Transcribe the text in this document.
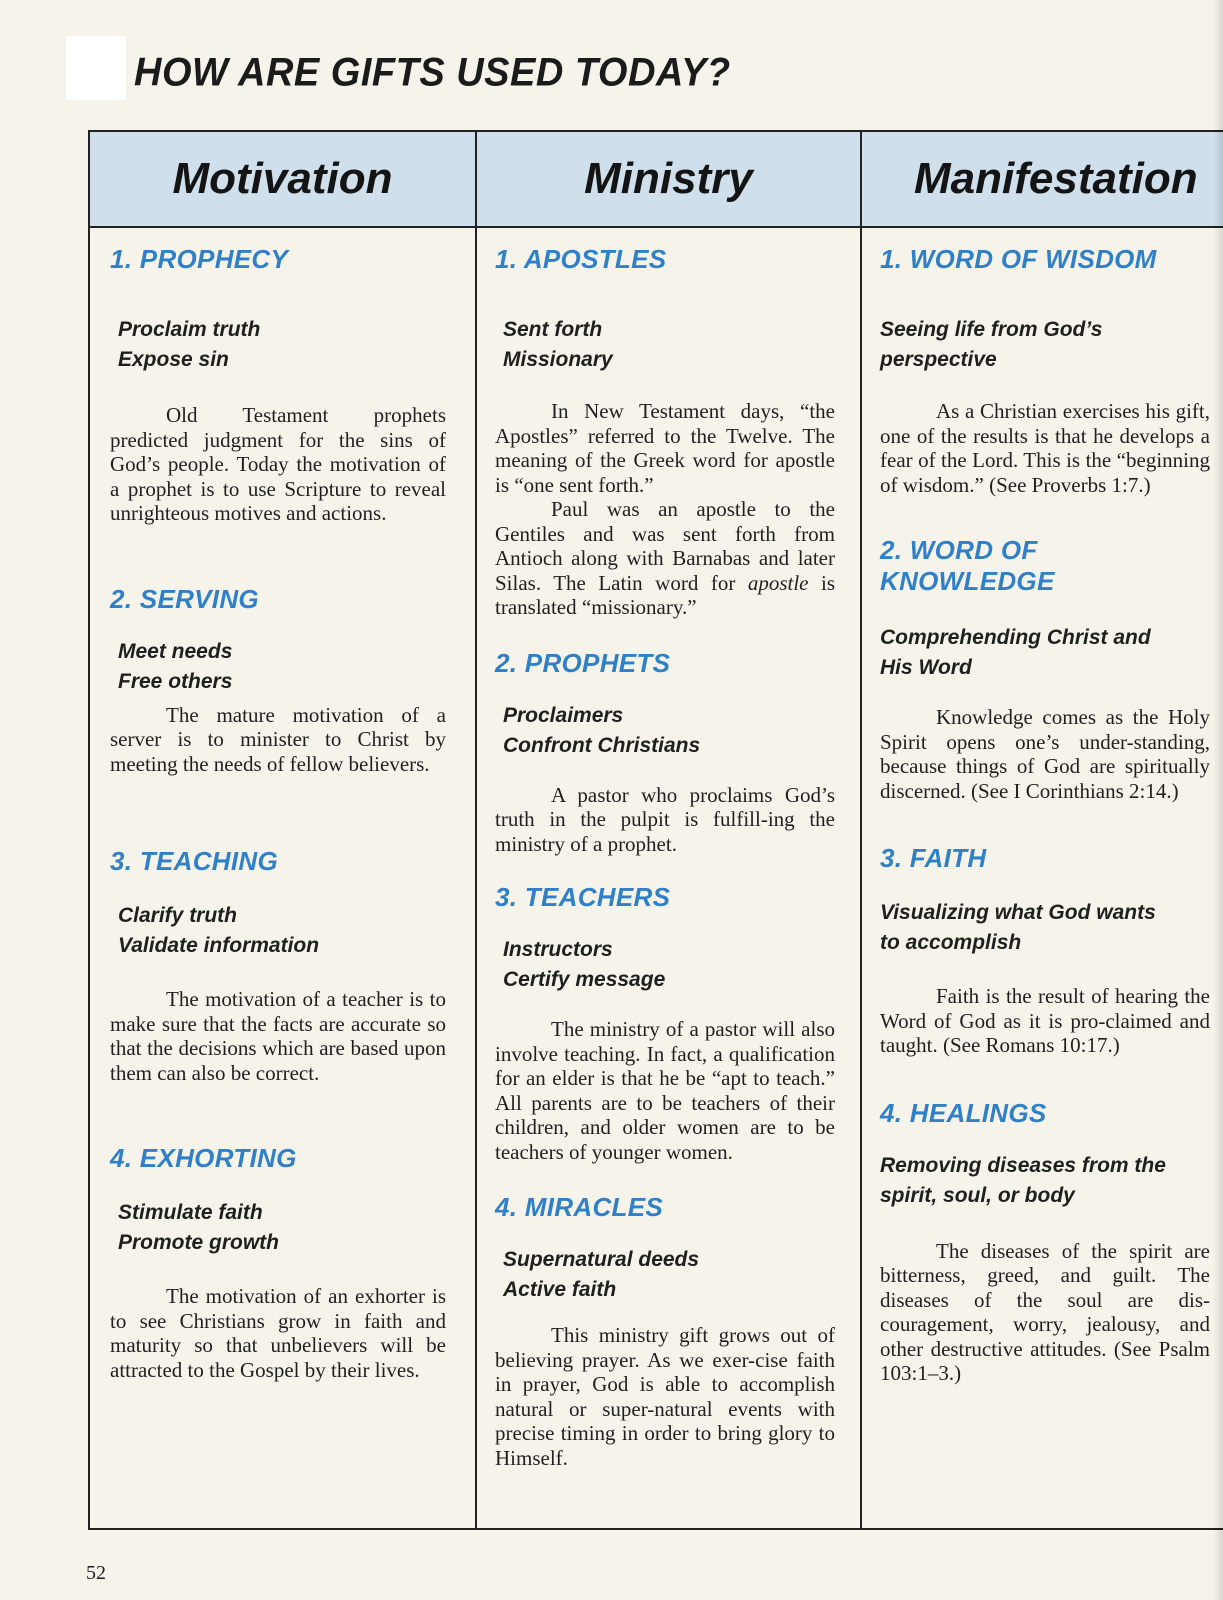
HOW ARE GIFTS USED TODAY?
Motivation	Ministry	Manifestation
1. PROPHECY
Proclaim truth
Expose sin

Old Testament prophets predicted judgment for the sins of God’s people. Today the motivation of a prophet is to use Scripture to reveal unrighteous motives and actions.

2. SERVING
Meet needs
Free others

The mature motivation of a server is to minister to Christ by meeting the needs of fellow believers.

3. TEACHING
Clarify truth
Validate information

The motivation of a teacher is to make sure that the facts are accurate so that the decisions which are based upon them can also be correct.

4. EXHORTING
Stimulate faith
Promote growth

The motivation of an exhorter is to see Christians grow in faith and maturity so that unbelievers will be attracted to the Gospel by their lives.

1. APOSTLES
Sent forth
Missionary

In New Testament days, “the Apostles” referred to the Twelve. The meaning of the Greek word for apostle is “one sent forth.”

Paul was an apostle to the Gentiles and was sent forth from Antioch along with Barnabas and later Silas. The Latin word for apostle is translated “missionary.”

2. PROPHETS
Proclaimers
Confront Christians

A pastor who proclaims God’s truth in the pulpit is fulfill-ing the ministry of a prophet.

3. TEACHERS
Instructors
Certify message

The ministry of a pastor will also involve teaching. In fact, a qualification for an elder is that he be “apt to teach.” All parents are to be teachers of their children, and older women are to be teachers of younger women.

4. MIRACLES
Supernatural deeds
Active faith

This ministry gift grows out of believing prayer. As we exer-cise faith in prayer, God is able to accomplish natural or super-natural events with precise timing in order to bring glory to Himself.

1. WORD OF WISDOM
Seeing life from God’s
perspective

As a Christian exercises his gift, one of the results is that he develops a fear of the Lord. This is the “beginning of wisdom.” (See Proverbs 1:7.)

2. WORD OF KNOWLEDGE
Comprehending Christ and
His Word

Knowledge comes as the Holy Spirit opens one’s under-standing, because things of God are spiritually discerned. (See I Corinthians 2:14.)

3. FAITH
Visualizing what God wants
to accomplish

Faith is the result of hearing the Word of God as it is pro-claimed and taught. (See Romans 10:17.)

4. HEALINGS
Removing diseases from the
spirit, soul, or body

The diseases of the spirit are bitterness, greed, and guilt. The diseases of the soul are dis-couragement, worry, jealousy, and other destructive attitudes. (See Psalm 103:1–3.)

52
